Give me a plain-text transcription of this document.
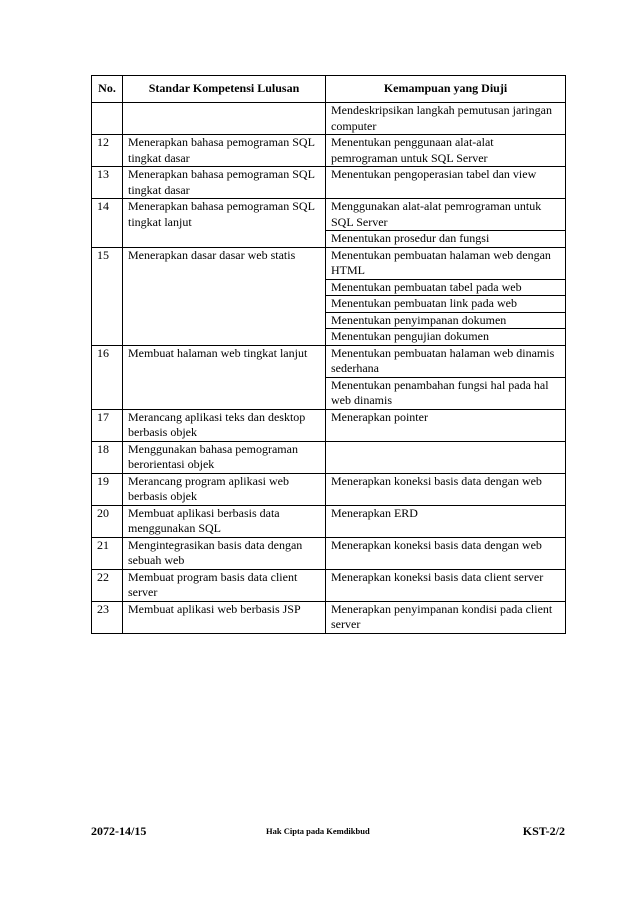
No.	Standar Kompetensi Lulusan	Kemampuan yang Diuji
		Mendeskripsikan langkah pemutusan jaringan computer
12	Menerapkan bahasa pemograman SQL tingkat dasar	Menentukan penggunaan alat-alat pemrograman untuk SQL Server
13	Menerapkan bahasa pemograman SQL tingkat dasar	Menentukan pengoperasian tabel dan view
14	Menerapkan bahasa pemograman SQL tingkat lanjut	Menggunakan alat-alat pemrograman untuk SQL Server
		Menentukan prosedur dan fungsi
15	Menerapkan dasar dasar web statis	Menentukan pembuatan halaman web dengan HTML
		Menentukan pembuatan tabel pada web
		Menentukan pembuatan link pada web
		Menentukan penyimpanan dokumen
		Menentukan pengujian dokumen
16	Membuat halaman web tingkat lanjut	Menentukan pembuatan halaman web dinamis sederhana
		Menentukan penambahan fungsi hal pada hal web dinamis
17	Merancang aplikasi teks dan desktop berbasis objek	Menerapkan pointer
18	Menggunakan bahasa pemograman berorientasi objek	
19	Merancang program aplikasi web berbasis objek	Menerapkan koneksi basis data dengan web
20	Membuat aplikasi berbasis data menggunakan SQL	Menerapkan ERD
21	Mengintegrasikan basis data dengan sebuah web	Menerapkan koneksi basis data dengan web
22	Membuat program basis data client server	Menerapkan koneksi basis data client server
23	Membuat aplikasi web berbasis JSP	Menerapkan penyimpanan kondisi pada client server
2072-14/15	Hak Cipta pada Kemdikbud	KST-2/2
